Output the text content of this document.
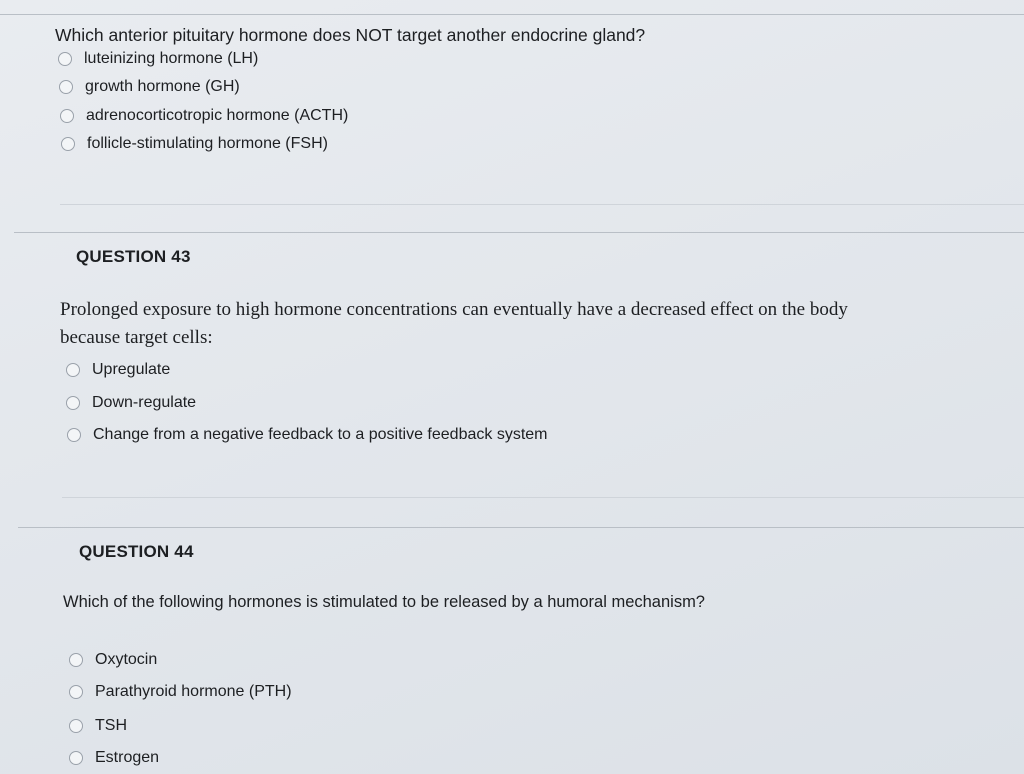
Which anterior pituitary hormone does NOT target another endocrine gland?
luteinizing hormone (LH)
growth hormone (GH)
adrenocorticotropic hormone (ACTH)
follicle-stimulating hormone (FSH)
QUESTION 43
Prolonged exposure to high hormone concentrations can eventually have a decreased effect on the body
because target cells:
Upregulate
Down-regulate
Change from a negative feedback to a positive feedback system
QUESTION 44
Which of the following hormones is stimulated to be released by a humoral mechanism?
Oxytocin
Parathyroid hormone (PTH)
TSH
Estrogen
